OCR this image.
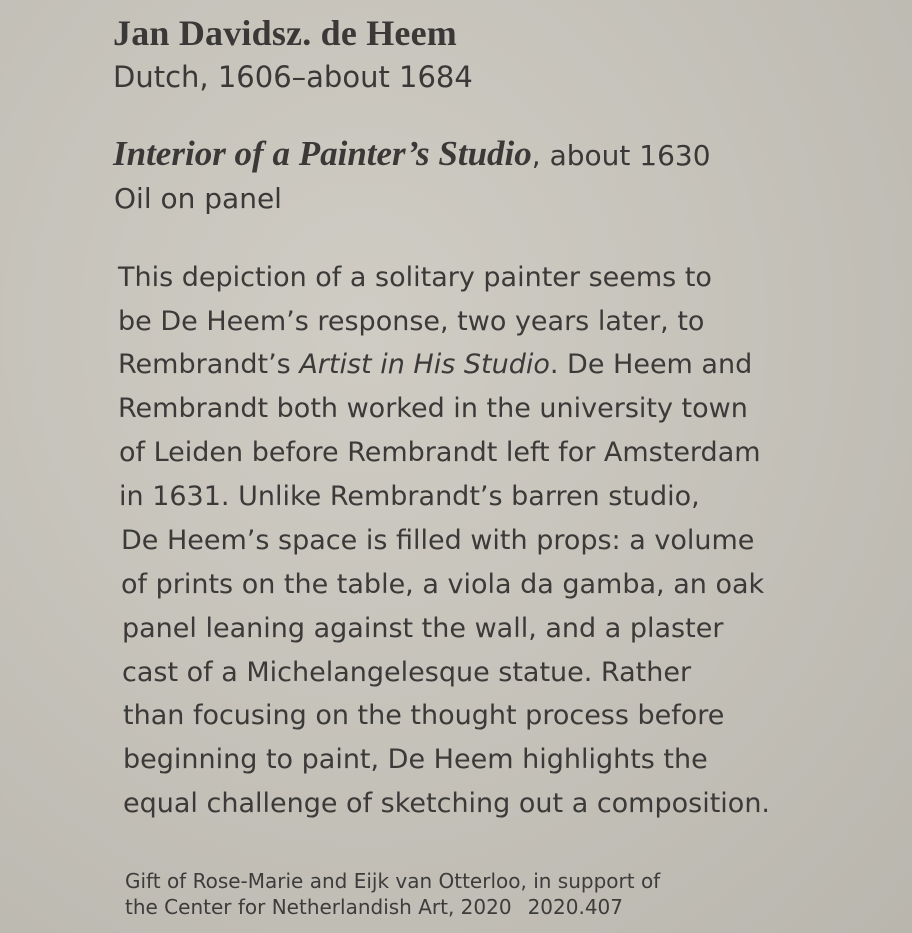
Jan Davidsz. de Heem
Dutch, 1606–about 1684
Interior of a Painter’s Studio, about 1630
Oil on panel
This depiction of a solitary painter seems to
be De Heem’s response, two years later, to
Rembrandt’s Artist in His Studio. De Heem and
Rembrandt both worked in the university town
of Leiden before Rembrandt left for Amsterdam
in 1631. Unlike Rembrandt’s barren studio,
De Heem’s space is filled with props: a volume
of prints on the table, a viola da gamba, an oak
panel leaning against the wall, and a plaster
cast of a Michelangelesque statue. Rather
than focusing on the thought process before
beginning to paint, De Heem highlights the
equal challenge of sketching out a composition.
Gift of Rose-Marie and Eijk van Otterloo, in support of
the Center for Netherlandish Art, 2020 2020.407
